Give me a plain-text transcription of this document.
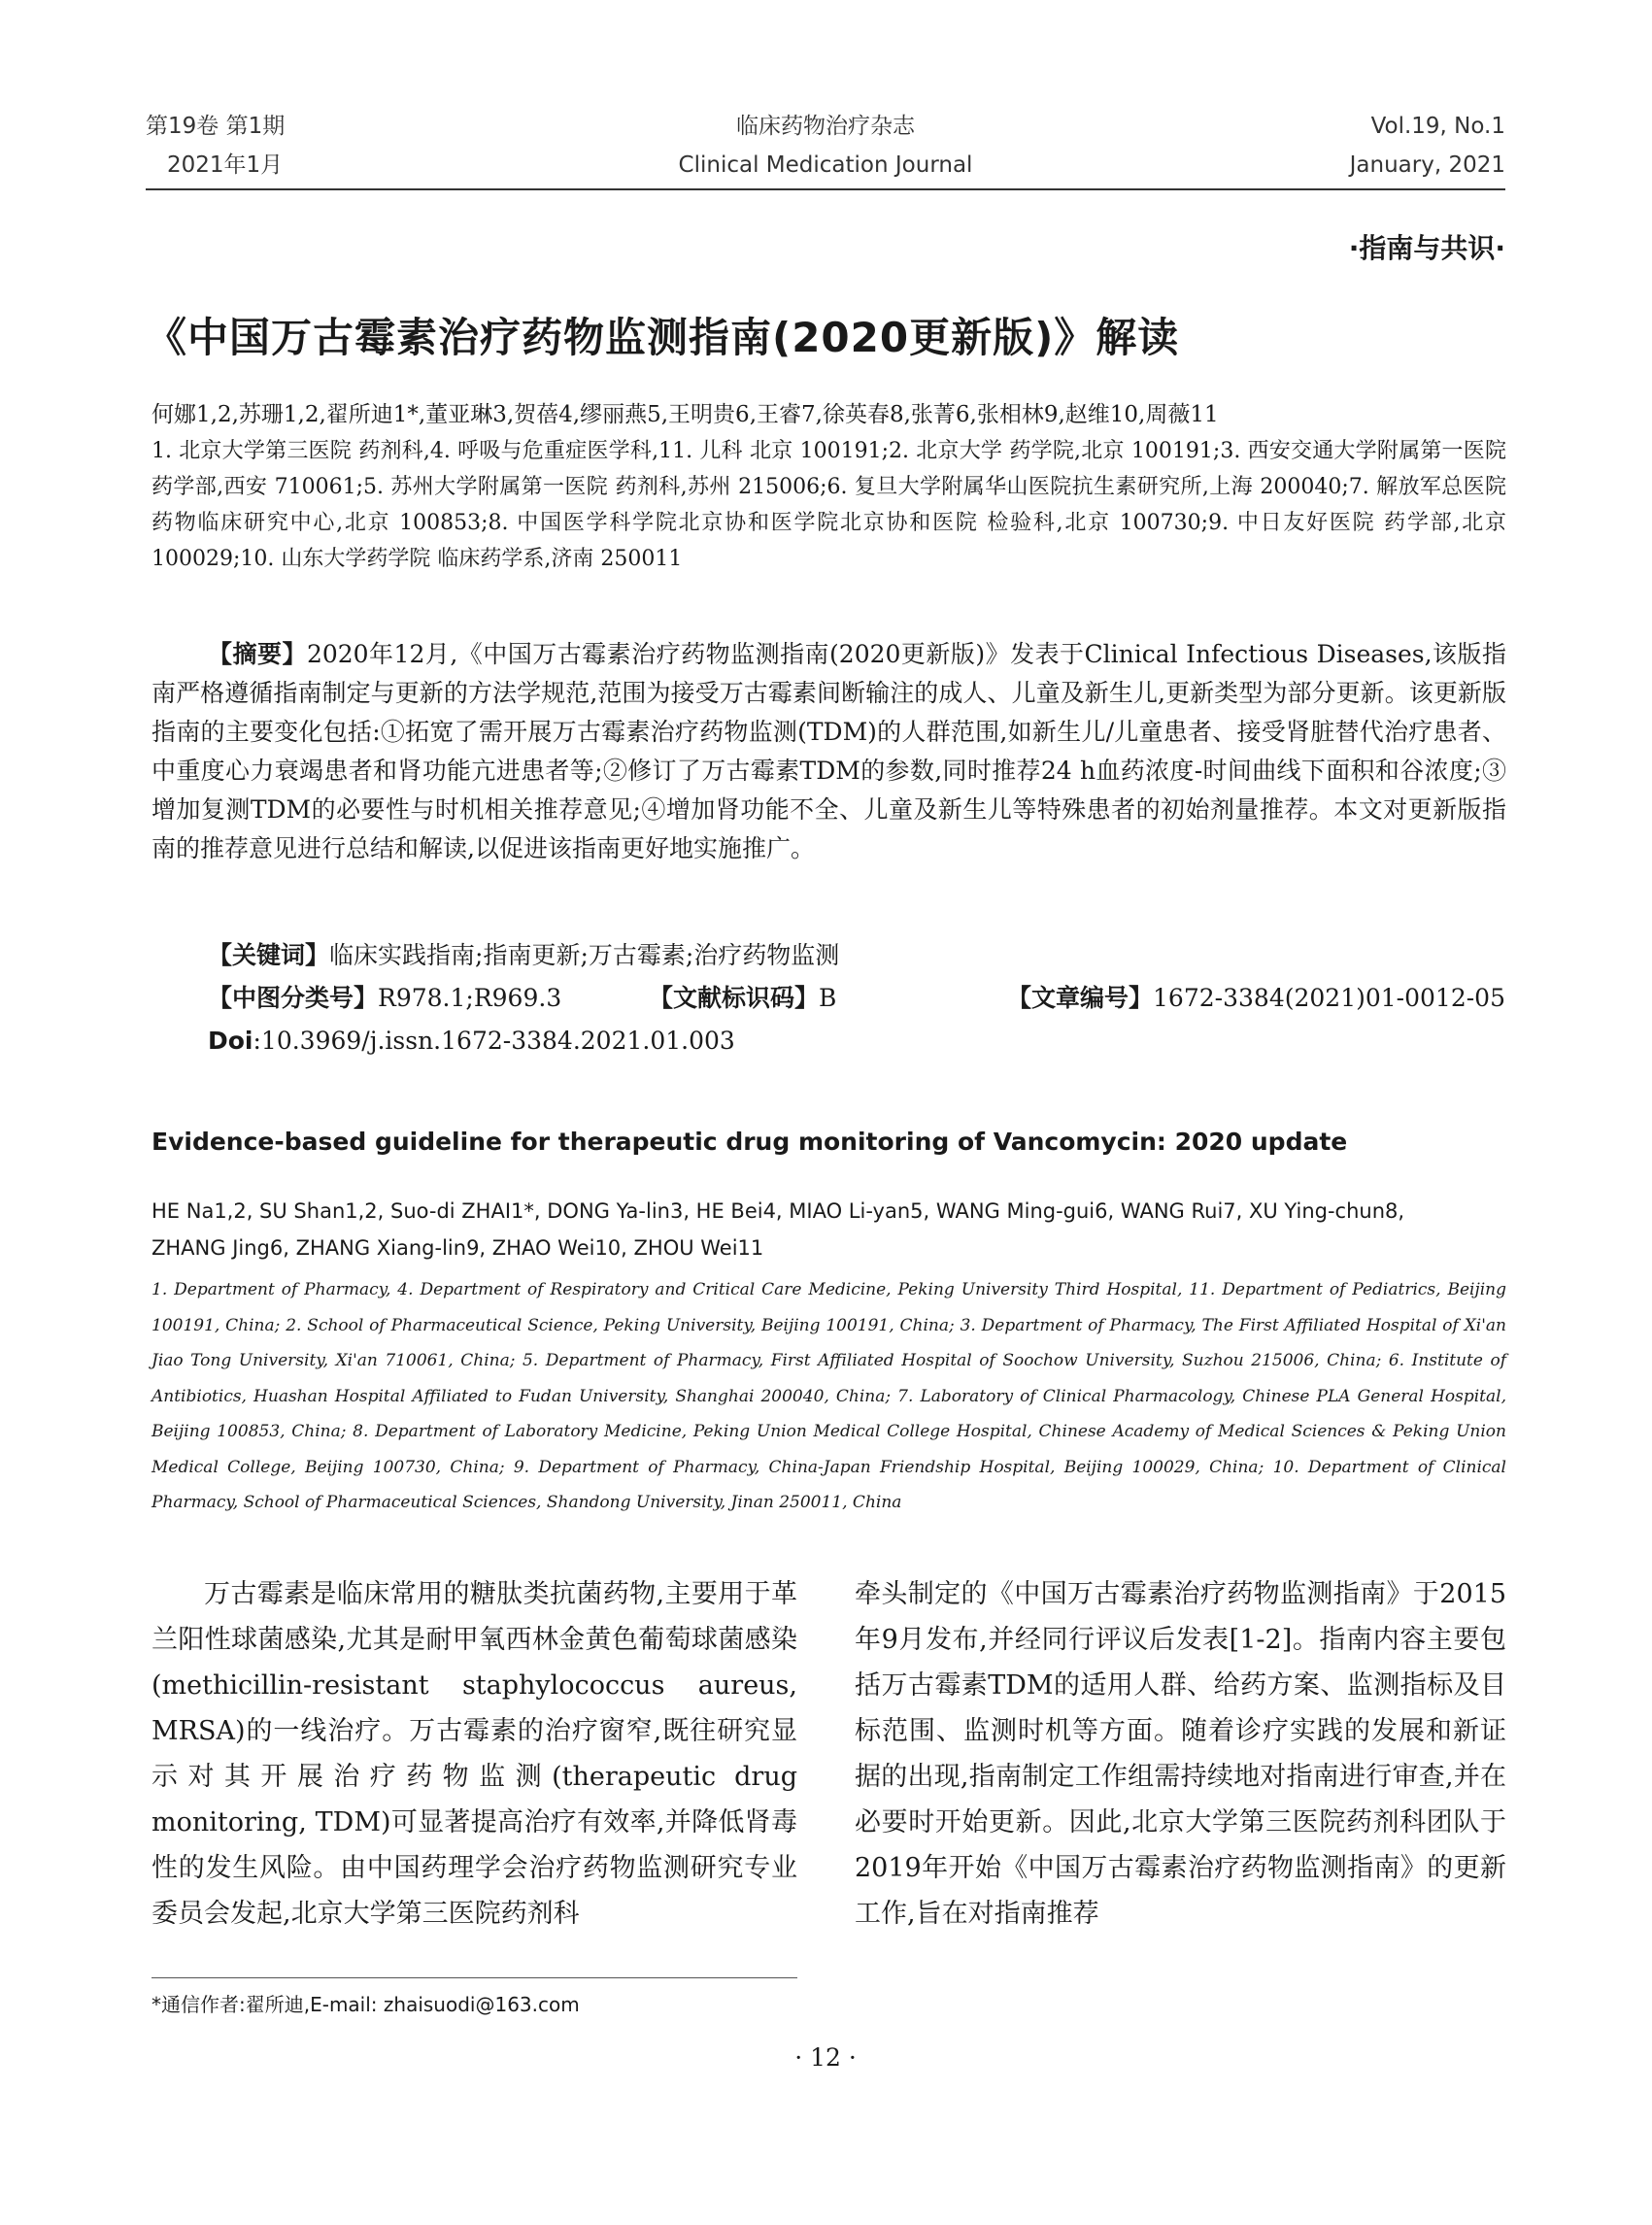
第19卷 第1期
2021年1月
临床药物治疗杂志
Clinical Medication Journal
Vol.19, No.1
January, 2021
·指南与共识·
《中国万古霉素治疗药物监测指南(2020更新版)》解读
何娜1,2,苏珊1,2,翟所迪1*,董亚琳3,贺蓓4,缪丽燕5,王明贵6,王睿7,徐英春8,张菁6,张相林9,赵维10,周薇11
1. 北京大学第三医院 药剂科,4. 呼吸与危重症医学科,11. 儿科 北京 100191;2. 北京大学 药学院,北京 100191;3. 西安交通大学附属第一医院 药学部,西安 710061;5. 苏州大学附属第一医院 药剂科,苏州 215006;6. 复旦大学附属华山医院抗生素研究所,上海 200040;7. 解放军总医院 药物临床研究中心,北京 100853;8. 中国医学科学院北京协和医学院北京协和医院 检验科,北京 100730;9. 中日友好医院 药学部,北京 100029;10. 山东大学药学院 临床药学系,济南 250011
【摘要】2020年12月,《中国万古霉素治疗药物监测指南(2020更新版)》发表于Clinical Infectious Diseases,该版指南严格遵循指南制定与更新的方法学规范,范围为接受万古霉素间断输注的成人、儿童及新生儿,更新类型为部分更新。该更新版指南的主要变化包括:①拓宽了需开展万古霉素治疗药物监测(TDM)的人群范围,如新生儿/儿童患者、接受肾脏替代治疗患者、中重度心力衰竭患者和肾功能亢进患者等;②修订了万古霉素TDM的参数,同时推荐24 h血药浓度-时间曲线下面积和谷浓度;③增加复测TDM的必要性与时机相关推荐意见;④增加肾功能不全、儿童及新生儿等特殊患者的初始剂量推荐。本文对更新版指南的推荐意见进行总结和解读,以促进该指南更好地实施推广。
【关键词】临床实践指南;指南更新;万古霉素;治疗药物监测
【中图分类号】R978.1;R969.3	【文献标识码】B	【文章编号】1672-3384(2021)01-0012-05
Doi:10.3969/j.issn.1672-3384.2021.01.003
Evidence-based guideline for therapeutic drug monitoring of Vancomycin: 2020 update
HE Na1,2, SU Shan1,2, Suo-di ZHAI1*, DONG Ya-lin3, HE Bei4, MIAO Li-yan5, WANG Ming-gui6, WANG Rui7, XU Ying-chun8,
ZHANG Jing6, ZHANG Xiang-lin9, ZHAO Wei10, ZHOU Wei11
1. Department of Pharmacy, 4. Department of Respiratory and Critical Care Medicine, Peking University Third Hospital, 11. Department of Pediatrics, Beijing 100191, China; 2. School of Pharmaceutical Science, Peking University, Beijing 100191, China; 3. Department of Pharmacy, The First Affiliated Hospital of Xi'an Jiao Tong University, Xi'an 710061, China; 5. Department of Pharmacy, First Affiliated Hospital of Soochow University, Suzhou 215006, China; 6. Institute of Antibiotics, Huashan Hospital Affiliated to Fudan University, Shanghai 200040, China; 7. Laboratory of Clinical Pharmacology, Chinese PLA General Hospital, Beijing 100853, China; 8. Department of Laboratory Medicine, Peking Union Medical College Hospital, Chinese Academy of Medical Sciences & Peking Union Medical College, Beijing 100730, China; 9. Department of Pharmacy, China-Japan Friendship Hospital, Beijing 100029, China; 10. Department of Clinical Pharmacy, School of Pharmaceutical Sciences, Shandong University, Jinan 250011, China
万古霉素是临床常用的糖肽类抗菌药物,主要用于革兰阳性球菌感染,尤其是耐甲氧西林金黄色葡萄球菌感染(methicillin-resistant staphylococcus aureus, MRSA)的一线治疗。万古霉素的治疗窗窄,既往研究显示对其开展治疗药物监测(therapeutic drug monitoring, TDM)可显著提高治疗有效率,并降低肾毒性的发生风险。由中国药理学会治疗药物监测研究专业委员会发起,北京大学第三医院药剂科
牵头制定的《中国万古霉素治疗药物监测指南》于2015年9月发布,并经同行评议后发表[1-2]。指南内容主要包括万古霉素TDM的适用人群、给药方案、监测指标及目标范围、监测时机等方面。随着诊疗实践的发展和新证据的出现,指南制定工作组需持续地对指南进行审查,并在必要时开始更新。因此,北京大学第三医院药剂科团队于2019年开始《中国万古霉素治疗药物监测指南》的更新工作,旨在对指南推荐
*通信作者:翟所迪,E-mail: zhaisuodi@163.com
· 12 ·
